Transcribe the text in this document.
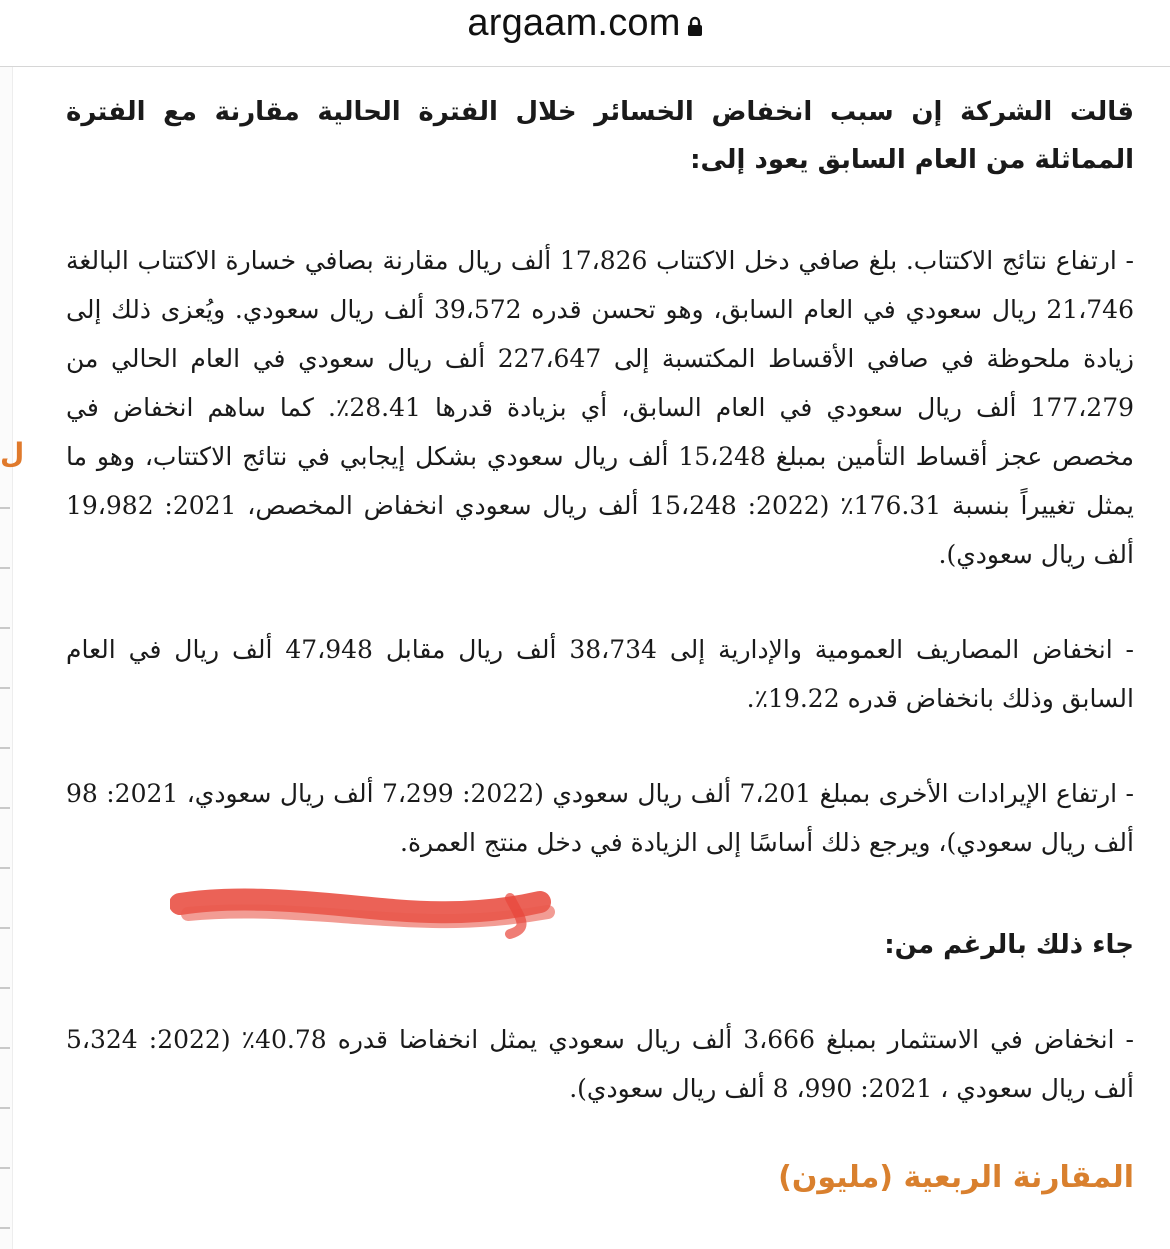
argaam.com
ل

قالت الشركة إن سبب انخفاض الخسائر خلال الفترة الحالية مقارنة مع الفترة المماثلة من العام السابق يعود إلى:

- ارتفاع نتائج الاكتتاب. بلغ صافي دخل الاكتتاب 17،826 ألف ريال مقارنة بصافي خسارة الاكتتاب البالغة 21،746 ريال سعودي في العام السابق، وهو تحسن قدره 39،572 ألف ريال سعودي. ويُعزى ذلك إلى زيادة ملحوظة في صافي الأقساط المكتسبة إلى 227،647 ألف ريال سعودي في العام الحالي من 177،279 ألف ريال سعودي في العام السابق، أي بزيادة قدرها 28.41٪. كما ساهم انخفاض في مخصص عجز أقساط التأمين بمبلغ 15،248 ألف ريال سعودي بشكل إيجابي في نتائج الاكتتاب، وهو ما يمثل تغييراً بنسبة 176.31٪ (2022: 15،248 ألف ريال سعودي انخفاض المخصص، 2021: 19،982 ألف ريال سعودي).

- انخفاض المصاريف العمومية والإدارية إلى 38،734 ألف ريال مقابل 47،948 ألف ريال في العام السابق وذلك بانخفاض قدره 19.22٪.

- ارتفاع الإيرادات الأخرى بمبلغ 7،201 ألف ريال سعودي (2022: 7،299 ألف ريال سعودي، 2021: 98 ألف ريال سعودي)، ويرجع ذلك أساسًا إلى الزيادة في دخل منتج العمرة.

جاء ذلك بالرغم من:

- انخفاض في الاستثمار بمبلغ 3،666 ألف ريال سعودي يمثل انخفاضا قدره 40.78٪ (2022: 5،324 ألف ريال سعودي ، 2021: 990، 8 ألف ريال سعودي).

المقارنة الربعية (مليون)
